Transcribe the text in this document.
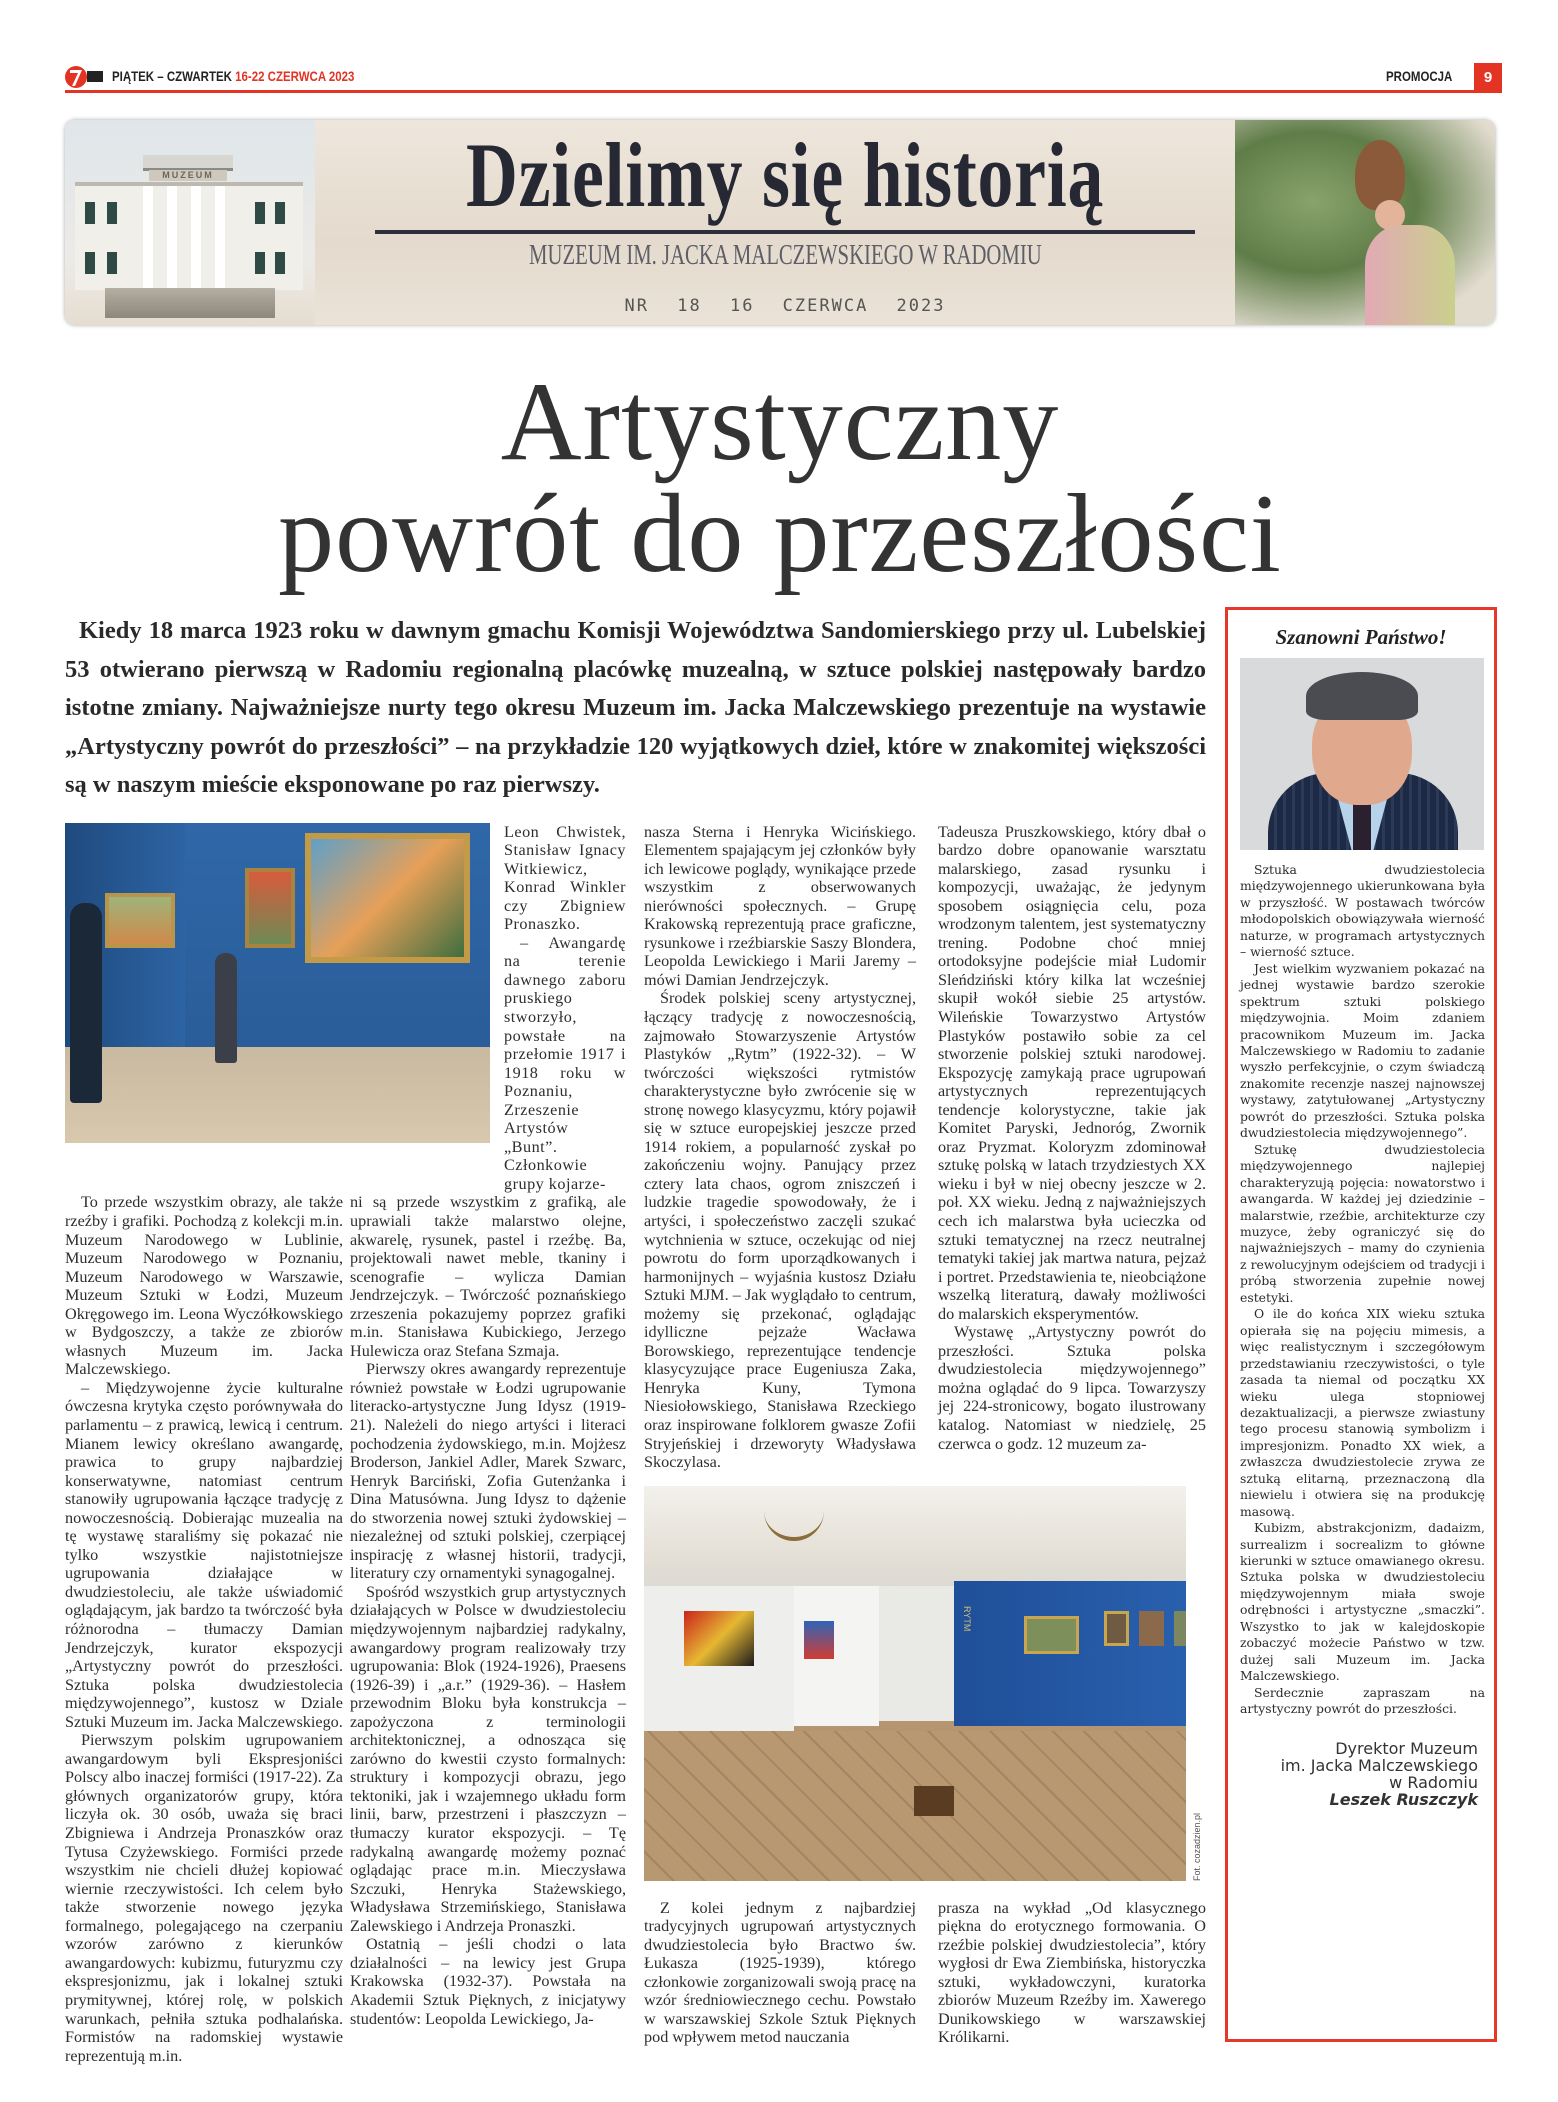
PIĄTEK – CZWARTEK 16-22 CZERWCA 2023	PROMOCJA	9
MUZEUM	Dzielimy się historią
MUZEUM IM. JACKA MALCZEWSKIEGO W RADOMIU
NR 18 16 CZERWCA 2023
Artystyczny
powrót do przeszłości
Kiedy 18 marca 1923 roku w dawnym gmachu Komisji Województwa Sandomierskiego przy ul. Lubelskiej 53 otwierano pierwszą w Radomiu regionalną placówkę muzealną, w sztuce polskiej następowały bardzo istotne zmiany. Najważniejsze nurty tego okresu Muzeum im. Jacka Malczewskiego prezentuje na wystawie „Artystyczny powrót do przeszłości” – na przykładzie 120 wyjątkowych dzieł, które w znakomitej większości są w naszym mieście eksponowane po raz pierwszy.

Leon Chwistek, Stanisław Ignacy Witkiewicz, Konrad Winkler czy Zbigniew Pronaszko.

– Awangardę na terenie dawnego zaboru pruskiego stworzyło, powstałe na przełomie 1917 i 1918 roku w Poznaniu, Zrzeszenie Artystów „Bunt”. Członkowie grupy kojarze-

To przede wszystkim obrazy, ale także rzeźby i grafiki. Pochodzą z kolekcji m.in. Muzeum Narodowego w Lublinie, Muzeum Narodowego w Poznaniu, Muzeum Narodowego w Warszawie, Muzeum Sztuki w Łodzi, Muzeum Okręgowego im. Leona Wyczółkowskiego w Bydgoszczy, a także ze zbiorów własnych Muzeum im. Jacka Malczewskiego.

– Międzywojenne życie kulturalne ówczesna krytyka często porównywała do parlamentu – z prawicą, lewicą i centrum. Mianem lewicy określano awangardę, prawica to grupy najbardziej konserwatywne, natomiast centrum stanowiły ugrupowania łączące tradycję z nowoczesnością. Dobierając muzealia na tę wystawę staraliśmy się pokazać nie tylko wszystkie najistotniejsze ugrupowania działające w dwudziestoleciu, ale także uświadomić oglądającym, jak bardzo ta twórczość była różnorodna – tłumaczy Damian Jendrzejczyk, kurator ekspozycji „Artystyczny powrót do przeszłości. Sztuka polska dwudziestolecia międzywojennego”, kustosz w Dziale Sztuki Muzeum im. Jacka Malczewskiego.

Pierwszym polskim ugrupowaniem awangardowym byli Ekspresjoniści Polscy albo inaczej formiści (1917-22). Za głównych organizatorów grupy, która liczyła ok. 30 osób, uważa się braci Zbigniewa i Andrzeja Pronaszków oraz Tytusa Czyżewskiego. Formiści przede wszystkim nie chcieli dłużej kopiować wiernie rzeczywistości. Ich celem było także stworzenie nowego języka formalnego, polegającego na czerpaniu wzorów zarówno z kierunków awangardowych: kubizmu, futuryzmu czy ekspresjonizmu, jak i lokalnej sztuki prymitywnej, której rolę, w polskich warunkach, pełniła sztuka podhalańska. Formistów na radomskiej wystawie reprezentują m.in.

ni są przede wszystkim z grafiką, ale uprawiali także malarstwo olejne, akwarelę, rysunek, pastel i rzeźbę. Ba, projektowali nawet meble, tkaniny i scenografie – wylicza Damian Jendrzejczyk. – Twórczość poznańskiego zrzeszenia pokazujemy poprzez grafiki m.in. Stanisława Kubickiego, Jerzego Hulewicza oraz Stefana Szmaja.

Pierwszy okres awangardy reprezentuje również powstałe w Łodzi ugrupowanie literacko-artystyczne Jung Idysz (1919-21). Należeli do niego artyści i literaci pochodzenia żydowskiego, m.in. Mojżesz Broderson, Jankiel Adler, Marek Szwarc, Henryk Barciński, Zofia Gutenżanka i Dina Matusówna. Jung Idysz to dążenie do stworzenia nowej sztuki żydowskiej – niezależnej od sztuki polskiej, czerpiącej inspirację z własnej historii, tradycji, literatury czy ornamentyki synagogalnej.

Spośród wszystkich grup artystycznych działających w Polsce w dwudziestoleciu międzywojennym najbardziej radykalny, awangardowy program realizowały trzy ugrupowania: Blok (1924-1926), Praesens (1926-39) i „a.r.” (1929-36). – Hasłem przewodnim Bloku była konstrukcja – zapożyczona z terminologii architektonicznej, a odnosząca się zarówno do kwestii czysto formalnych: struktury i kompozycji obrazu, jego tektoniki, jak i wzajemnego układu form linii, barw, przestrzeni i płaszczyzn – tłumaczy kurator ekspozycji. – Tę radykalną awangardę możemy poznać oglądając prace m.in. Mieczysława Szczuki, Henryka Stażewskiego, Władysława Strzemińskiego, Stanisława Zalewskiego i Andrzeja Pronaszki.

Ostatnią – jeśli chodzi o lata działalności – na lewicy jest Grupa Krakowska (1932-37). Powstała na Akademii Sztuk Pięknych, z inicjatywy studentów: Leopolda Lewickiego, Ja-

nasza Sterna i Henryka Wicińskiego. Elementem spajającym jej członków były ich lewicowe poglądy, wynikające przede wszystkim z obserwowanych nierówności społecznych. – Grupę Krakowską reprezentują prace graficzne, rysunkowe i rzeźbiarskie Saszy Blondera, Leopolda Lewickiego i Marii Jaremy – mówi Damian Jendrzejczyk.

Środek polskiej sceny artystycznej, łączący tradycję z nowoczesnością, zajmowało Stowarzyszenie Artystów Plastyków „Rytm” (1922-32). – W twórczości większości rytmistów charakterystyczne było zwrócenie się w stronę nowego klasycyzmu, który pojawił się w sztuce europejskiej jeszcze przed 1914 rokiem, a popularność zyskał po zakończeniu wojny. Panujący przez cztery lata chaos, ogrom zniszczeń i ludzkie tragedie spowodowały, że i artyści, i społeczeństwo zaczęli szukać wytchnienia w sztuce, oczekując od niej powrotu do form uporządkowanych i harmonijnych – wyjaśnia kustosz Działu Sztuki MJM. – Jak wyglądało to centrum, możemy się przekonać, oglądając idylliczne pejzaże Wacława Borowskiego, reprezentujące tendencje klasycyzujące prace Eugeniusza Zaka, Henryka Kuny, Tymona Niesiołowskiego, Stanisława Rzeckiego oraz inspirowane folklorem gwasze Zofii Stryjeńskiej i drzeworyty Władysława Skoczylasa.

Tadeusza Pruszkowskiego, który dbał o bardzo dobre opanowanie warsztatu malarskiego, zasad rysunku i kompozycji, uważając, że jedynym sposobem osiągnięcia celu, poza wrodzonym talentem, jest systematyczny trening. Podobne choć mniej ortodoksyjne podejście miał Ludomir Sleńdziński który kilka lat wcześniej skupił wokół siebie 25 artystów. Wileńskie Towarzystwo Artystów Plastyków postawiło sobie za cel stworzenie polskiej sztuki narodowej. Ekspozycję zamykają prace ugrupowań artystycznych reprezentujących tendencje kolorystyczne, takie jak Komitet Paryski, Jednoróg, Zwornik oraz Pryzmat. Koloryzm zdominował sztukę polską w latach trzydziestych XX wieku i był w niej obecny jeszcze w 2. poł. XX wieku. Jedną z najważniejszych cech ich malarstwa była ucieczka od sztuki tematycznej na rzecz neutralnej tematyki takiej jak martwa natura, pejzaż i portret. Przedstawienia te, nieobciążone wszelką literaturą, dawały możliwości do malarskich eksperymentów.

Wystawę „Artystyczny powrót do przeszłości. Sztuka polska dwudziestolecia międzywojennego” można oglądać do 9 lipca. Towarzyszy jej 224-stronicowy, bogato ilustrowany katalog. Natomiast w niedzielę, 25 czerwca o godz. 12 muzeum za-

RYTM
Fot. cozadzien.pl

Z kolei jednym z najbardziej tradycyjnych ugrupowań artystycznych dwudziestolecia było Bractwo św. Łukasza (1925-1939), którego członkowie zorganizowali swoją pracę na wzór średniowiecznego cechu. Powstało w warszawskiej Szkole Sztuk Pięknych pod wpływem metod nauczania

prasza na wykład „Od klasycznego piękna do erotycznego formowania. O rzeźbie polskiej dwudziestolecia”, który wygłosi dr Ewa Ziembińska, historyczka sztuki, wykładowczyni, kuratorka zbiorów Muzeum Rzeźby im. Xawerego Dunikowskiego w warszawskiej Królikarni.

Szanowni Państwo!

Sztuka dwudziestolecia międzywojennego ukierunkowana była w przyszłość. W postawach twórców młodopolskich obowiązywała wierność naturze, w programach artystycznych – wierność sztuce.

Jest wielkim wyzwaniem pokazać na jednej wystawie bardzo szerokie spektrum sztuki polskiego międzywojnia. Moim zdaniem pracownikom Muzeum im. Jacka Malczewskiego w Radomiu to zadanie wyszło perfekcyjnie, o czym świadczą znakomite recenzje naszej najnowszej wystawy, zatytułowanej „Artystyczny powrót do przeszłości. Sztuka polska dwudziestolecia międzywojennego”.

Sztukę dwudziestolecia międzywojennego najlepiej charakteryzują pojęcia: nowatorstwo i awangarda. W każdej jej dziedzinie – malarstwie, rzeźbie, architekturze czy muzyce, żeby ograniczyć się do najważniejszych – mamy do czynienia z rewolucyjnym odejściem od tradycji i próbą stworzenia zupełnie nowej estetyki.

O ile do końca XIX wieku sztuka opierała się na pojęciu mimesis, a więc realistycznym i szczegółowym przedstawianiu rzeczywistości, o tyle zasada ta niemal od początku XX wieku ulega stopniowej dezaktualizacji, a pierwsze zwiastuny tego procesu stanowią symbolizm i impresjonizm. Ponadto XX wiek, a zwłaszcza dwudziestolecie zrywa ze sztuką elitarną, przeznaczoną dla niewielu i otwiera się na produkcję masową.

Kubizm, abstrakcjonizm, dadaizm, surrealizm i socrealizm to główne kierunki w sztuce omawianego okresu. Sztuka polska w dwudziestoleciu międzywojennym miała swoje odrębności i artystyczne „smaczki”. Wszystko to jak w kalejdoskopie zobaczyć możecie Państwo w tzw. dużej sali Muzeum im. Jacka Malczewskiego.

Serdecznie zapraszam na artystyczny powrót do przeszłości.

Dyrektor Muzeum
im. Jacka Malczewskiego
w Radomiu
Leszek Ruszczyk
